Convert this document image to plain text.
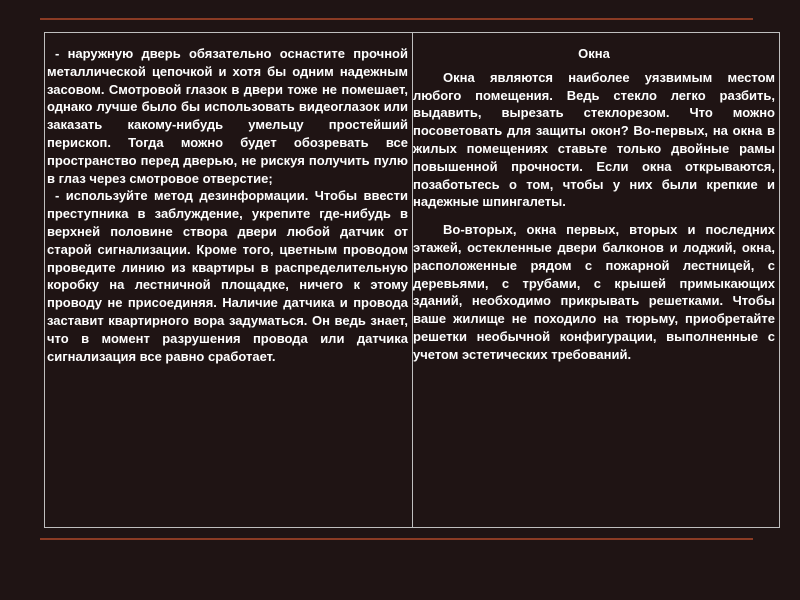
- наружную дверь обязательно оснастите прочной металлической цепочкой и хотя бы одним надежным засовом. Смотровой глазок в двери тоже не помешает, однако лучше было бы использовать видеоглазок или заказать какому-нибудь умельцу простейший перископ. Тогда можно будет обозревать все пространство перед дверью, не рискуя получить пулю в глаз через смотровое отверстие;

- используйте метод дезинформации. Чтобы ввести преступника в заблуждение, укрепите где-нибудь в верхней половине створа двери любой датчик от старой сигнализации. Кроме того, цветным проводом проведите линию из квартиры в распределительную коробку на лестничной площадке, ничего к этому проводу не присоединяя. Наличие датчика и провода заставит квартирного вора задуматься. Он ведь знает, что в момент разрушения провода или датчика сигнализация все равно сработает.

Окна

Окна являются наиболее уязвимым местом любого помещения. Ведь стекло легко разбить, выдавить, вырезать стеклорезом. Что можно посоветовать для защиты окон? Во-первых, на окна в жилых помещениях ставьте только двойные рамы повышенной прочности. Если окна открываются, позаботьтесь о том, чтобы у них были крепкие и надежные шпингалеты.

Во-вторых, окна первых, вторых и последних этажей, остекленные двери балконов и лоджий, окна, расположенные рядом с пожарной лестницей, с деревьями, с трубами, с крышей примыкающих зданий, необходимо прикрывать решетками. Чтобы ваше жилище не походило на тюрьму, приобретайте решетки необычной конфигурации, выполненные с учетом эстетических требований.
